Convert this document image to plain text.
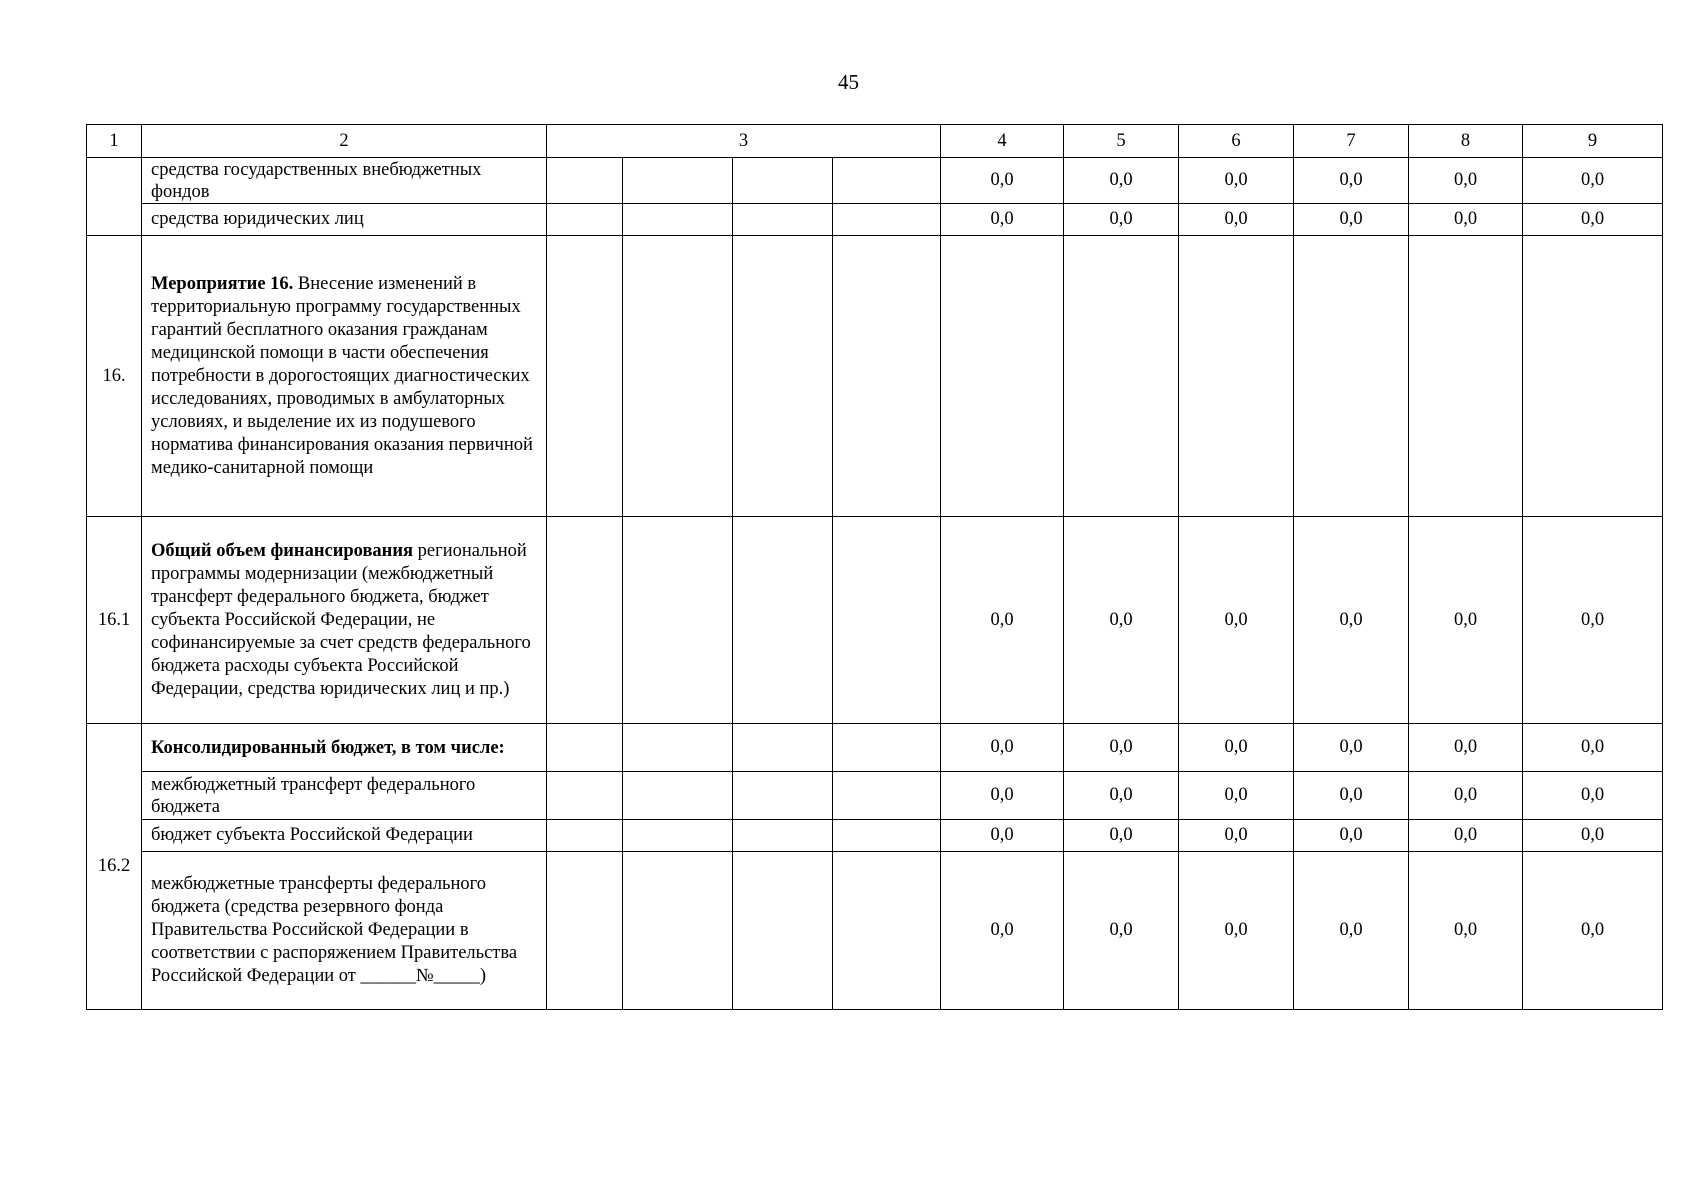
45
1	2	3				4	5	6	7	8	9
	средства государственных внебюджетных фондов					0,0	0,0	0,0	0,0	0,0	0,0
	средства юридических лиц					0,0	0,0	0,0	0,0	0,0	0,0
16.	Мероприятие 16. Внесение изменений в территориальную программу государственных гарантий бесплатного оказания гражданам медицинской помощи в части обеспечения потребности в дорогостоящих диагностических исследованиях, проводимых в амбулаторных условиях, и выделение их из подушевого норматива финансирования оказания первичной медико-санитарной помощи										
16.1	Общий объем финансирования региональной программы модернизации (межбюджетный трансферт федерального бюджета, бюджет субъекта Российской Федерации, не софинансируемые за счет средств федерального бюджета расходы субъекта Российской Федерации, средства юридических лиц и пр.)					0,0	0,0	0,0	0,0	0,0	0,0
16.2	Консолидированный бюджет, в том числе:					0,0	0,0	0,0	0,0	0,0	0,0
	межбюджетный трансферт федерального бюджета					0,0	0,0	0,0	0,0	0,0	0,0
	бюджет субъекта Российской Федерации					0,0	0,0	0,0	0,0	0,0	0,0
	межбюджетные трансферты федерального бюджета (средства резервного фонда Правительства Российской Федерации в соответствии с распоряжением Правительства Российской Федерации от ______№_____)					0,0	0,0	0,0	0,0	0,0	0,0
